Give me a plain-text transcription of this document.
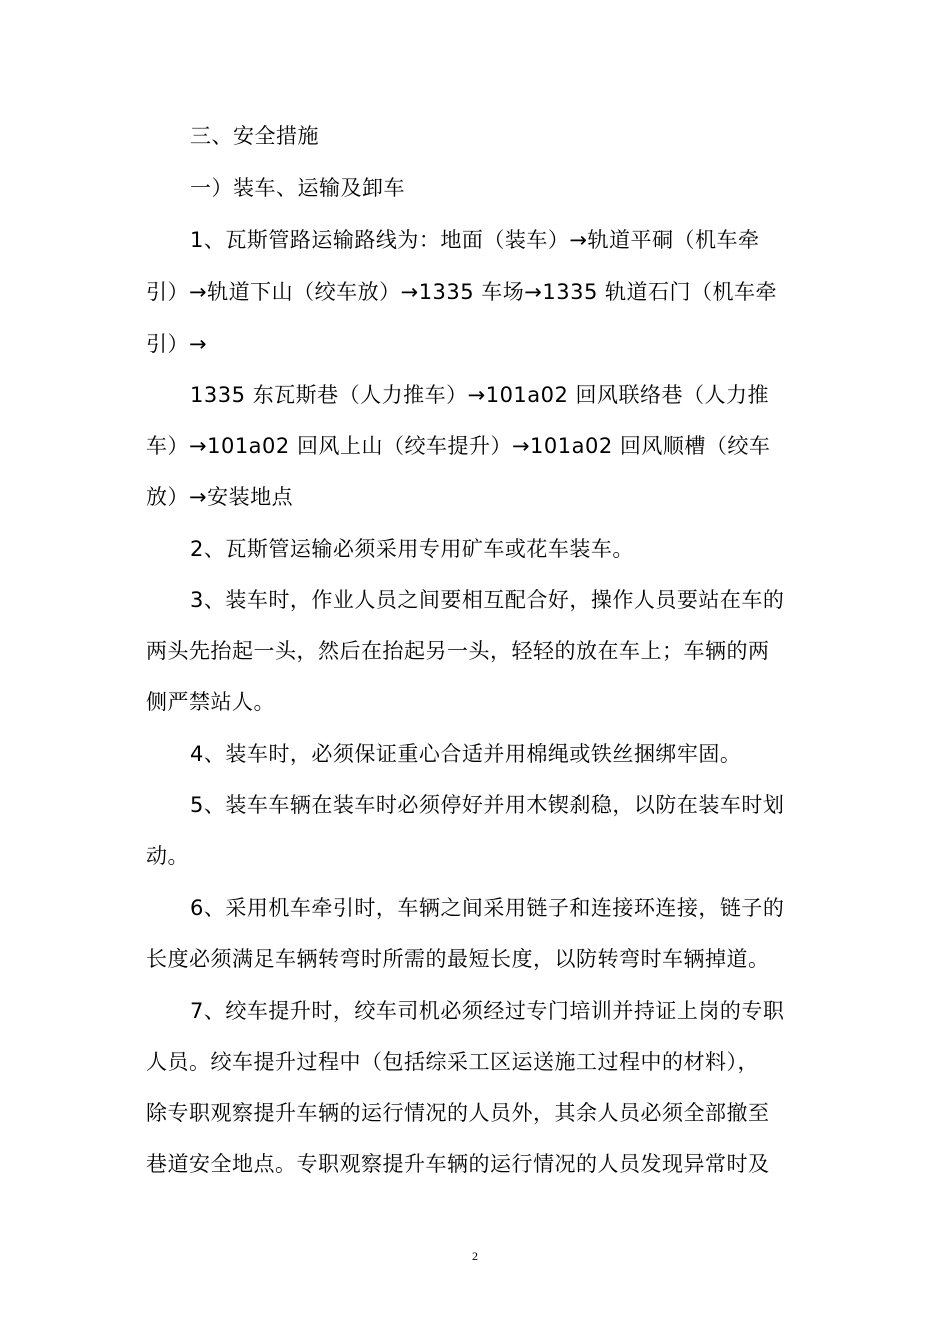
三、安全措施
一）装车、运输及卸车
1、瓦斯管路运输路线为：地面（装车）→轨道平硐（机车牵
引）→轨道下山（绞车放）→1335 车场→1335 轨道石门（机车牵
引）→
1335 东瓦斯巷（人力推车）→101a02 回风联络巷（人力推
车）→101a02 回风上山（绞车提升）→101a02 回风顺槽（绞车
放）→安装地点
2、瓦斯管运输必须采用专用矿车或花车装车。
3、装车时，作业人员之间要相互配合好，操作人员要站在车的
两头先抬起一头，然后在抬起另一头，轻轻的放在车上；车辆的两
侧严禁站人。
4、装车时，必须保证重心合适并用棉绳或铁丝捆绑牢固。
5、装车车辆在装车时必须停好并用木锲刹稳，以防在装车时划
动。
6、采用机车牵引时，车辆之间采用链子和连接环连接，链子的
长度必须满足车辆转弯时所需的最短长度，以防转弯时车辆掉道。
7、绞车提升时，绞车司机必须经过专门培训并持证上岗的专职
人员。绞车提升过程中（包括综采工区运送施工过程中的材料），
除专职观察提升车辆的运行情况的人员外，其余人员必须全部撤至
巷道安全地点。专职观察提升车辆的运行情况的人员发现异常时及
2
